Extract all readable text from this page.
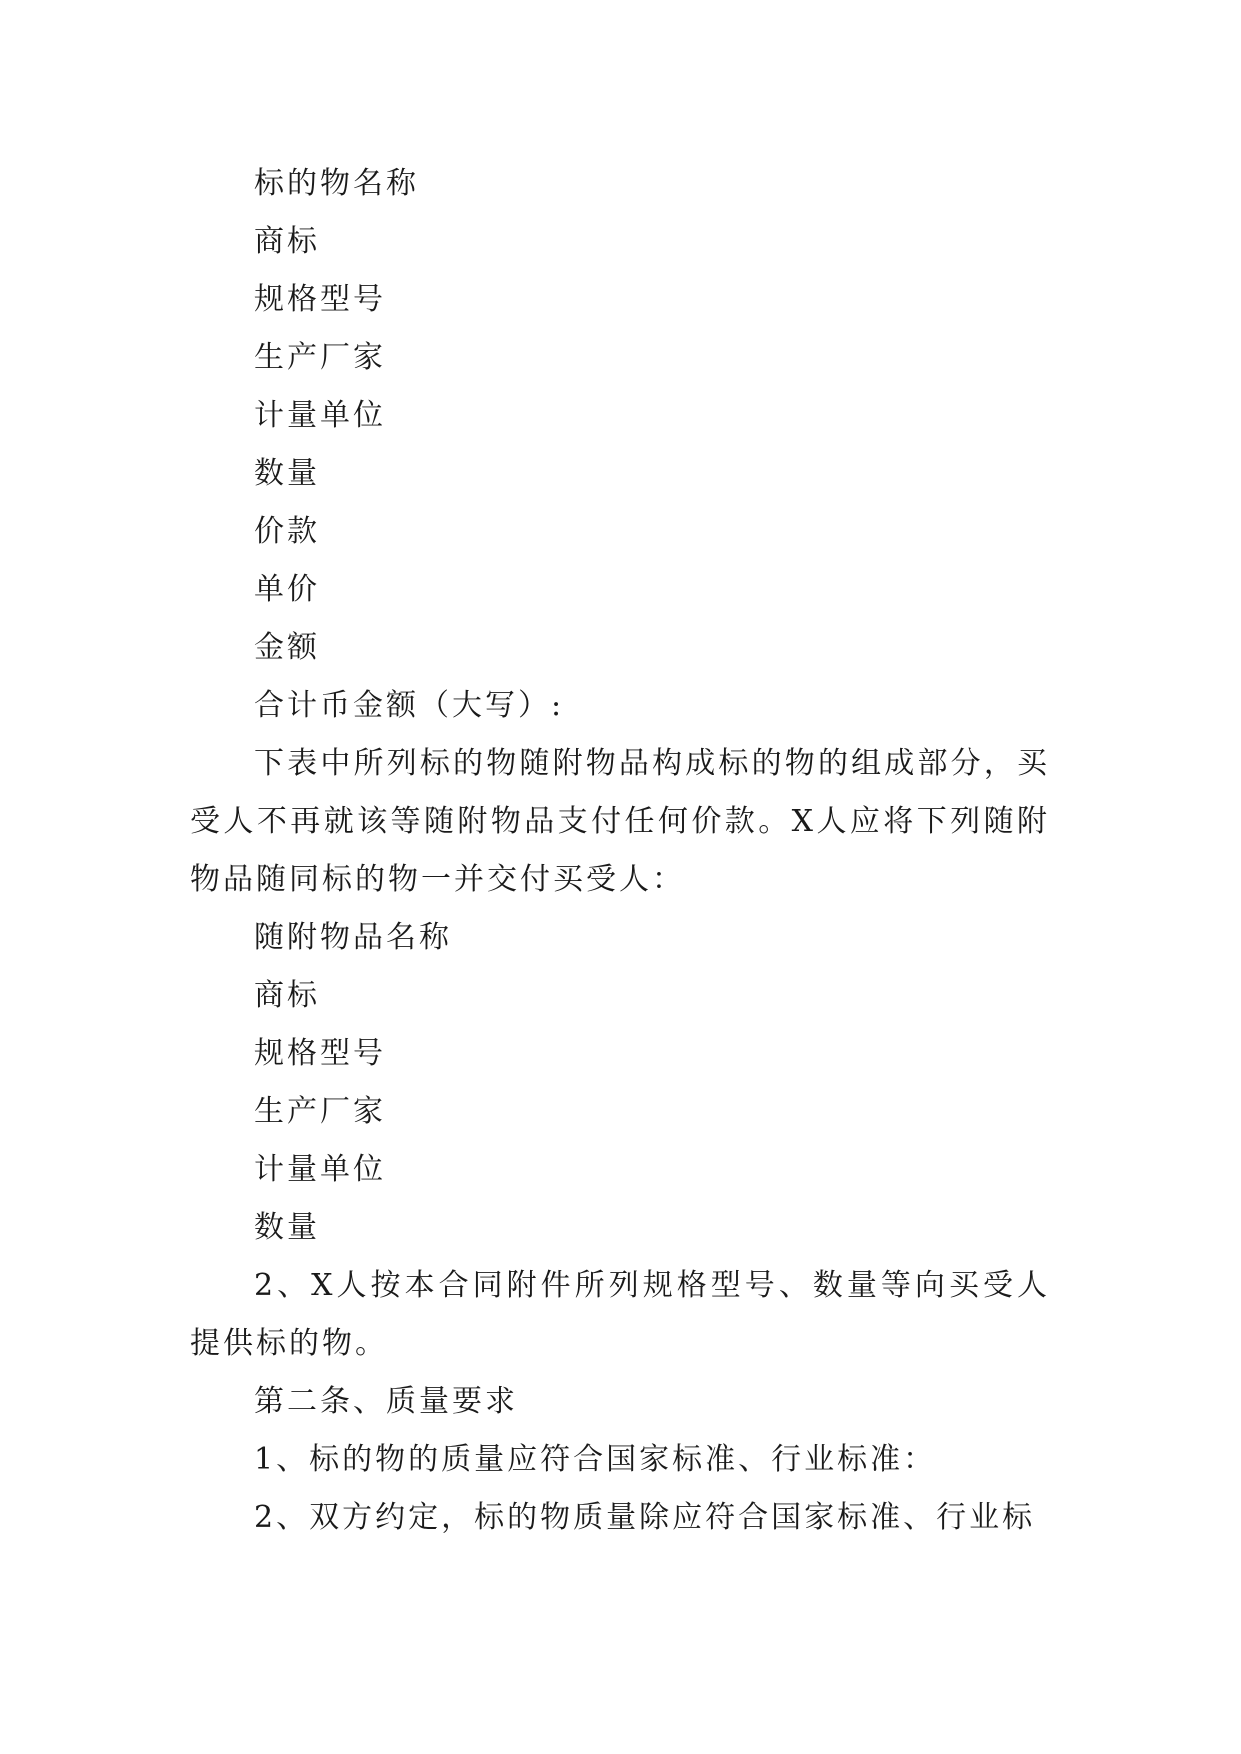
标的物名称

商标

规格型号

生产厂家

计量单位

数量

价款

单价

金额

合计币金额（大写）:

下表中所列标的物随附物品构成标的物的组成部分，买受人不再就该等随附物品支付任何价款。X人应将下列随附物品随同标的物一并交付买受人：

随附物品名称

商标

规格型号

生产厂家

计量单位

数量

2、X人按本合同附件所列规格型号、数量等向买受人提供标的物。

第二条、质量要求

1、标的物的质量应符合国家标准、行业标准：

2、双方约定，标的物质量除应符合国家标准、行业标
